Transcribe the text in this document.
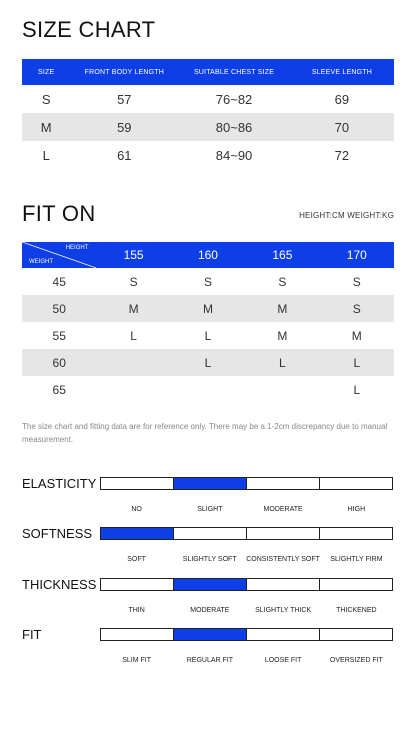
SIZE CHART
SIZE	FRONT BODY LENGTH	SUITABLE CHEST SIZE	SLEEVE LENGTH
S	57	76~82	69
M	59	80~86	70
L	61	84~90	72
FIT ON	HEIGHT:CM WEIGHT:KG
HEIGHT
WEIGHT	155	160	165	170
45	S	S	S	S
50	M	M	M	S
55	L	L	M	M
60		L	L	L
65				L

The size chart and fitting data are for reference only. There may be a 1-2cm discrepancy due to manual measurement.

ELASTICITY
NO	SLIGHT	MODERATE	HIGH
SOFTNESS
SOFT	SLIGHTLY SOFT	CONSISTENTLY SOFT	SLIGHTLY FIRM
THICKNESS
THIN	MODERATE	SLIGHTLY THICK	THICKENED
FIT
SLIM FIT	REGULAR FIT	LOOSE FIT	OVERSIZED FIT
